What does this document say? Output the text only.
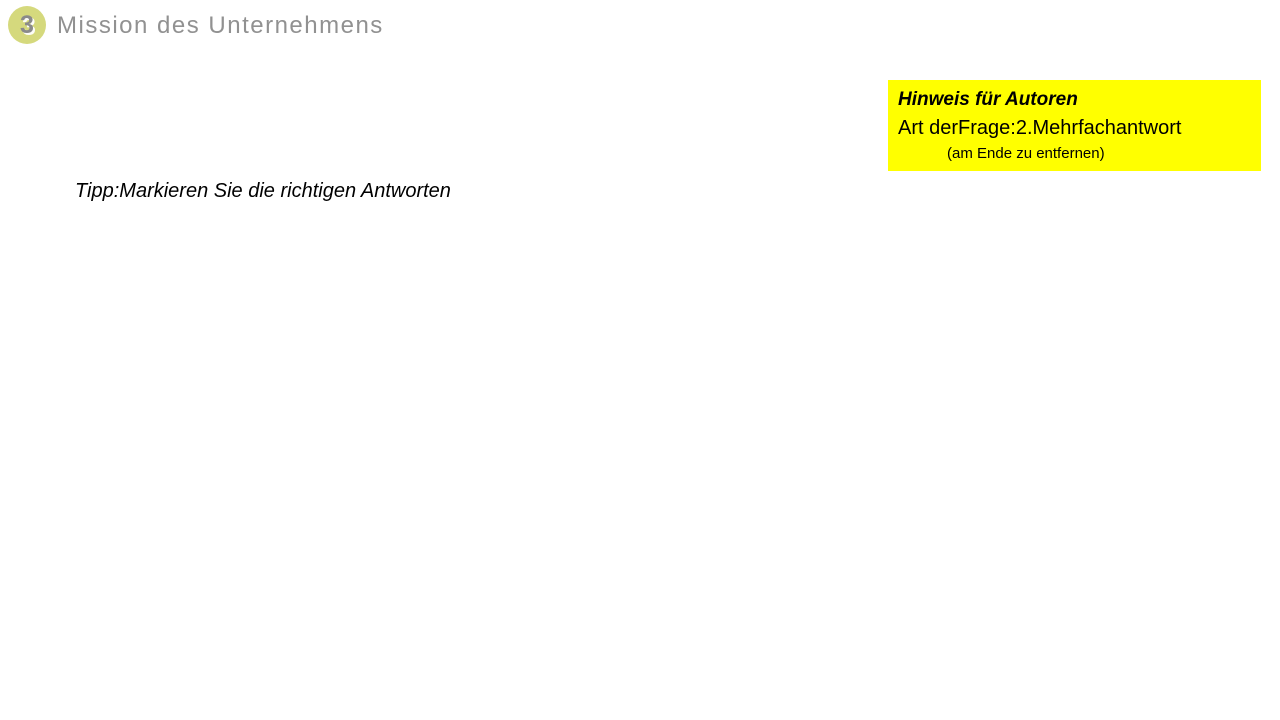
3 Mission des Unternehmens
Hinweis für Autoren
Art derFrage:2.Mehrfachantwort
(am Ende zu entfernen)
Tipp:Markieren Sie die richtigen Antworten
